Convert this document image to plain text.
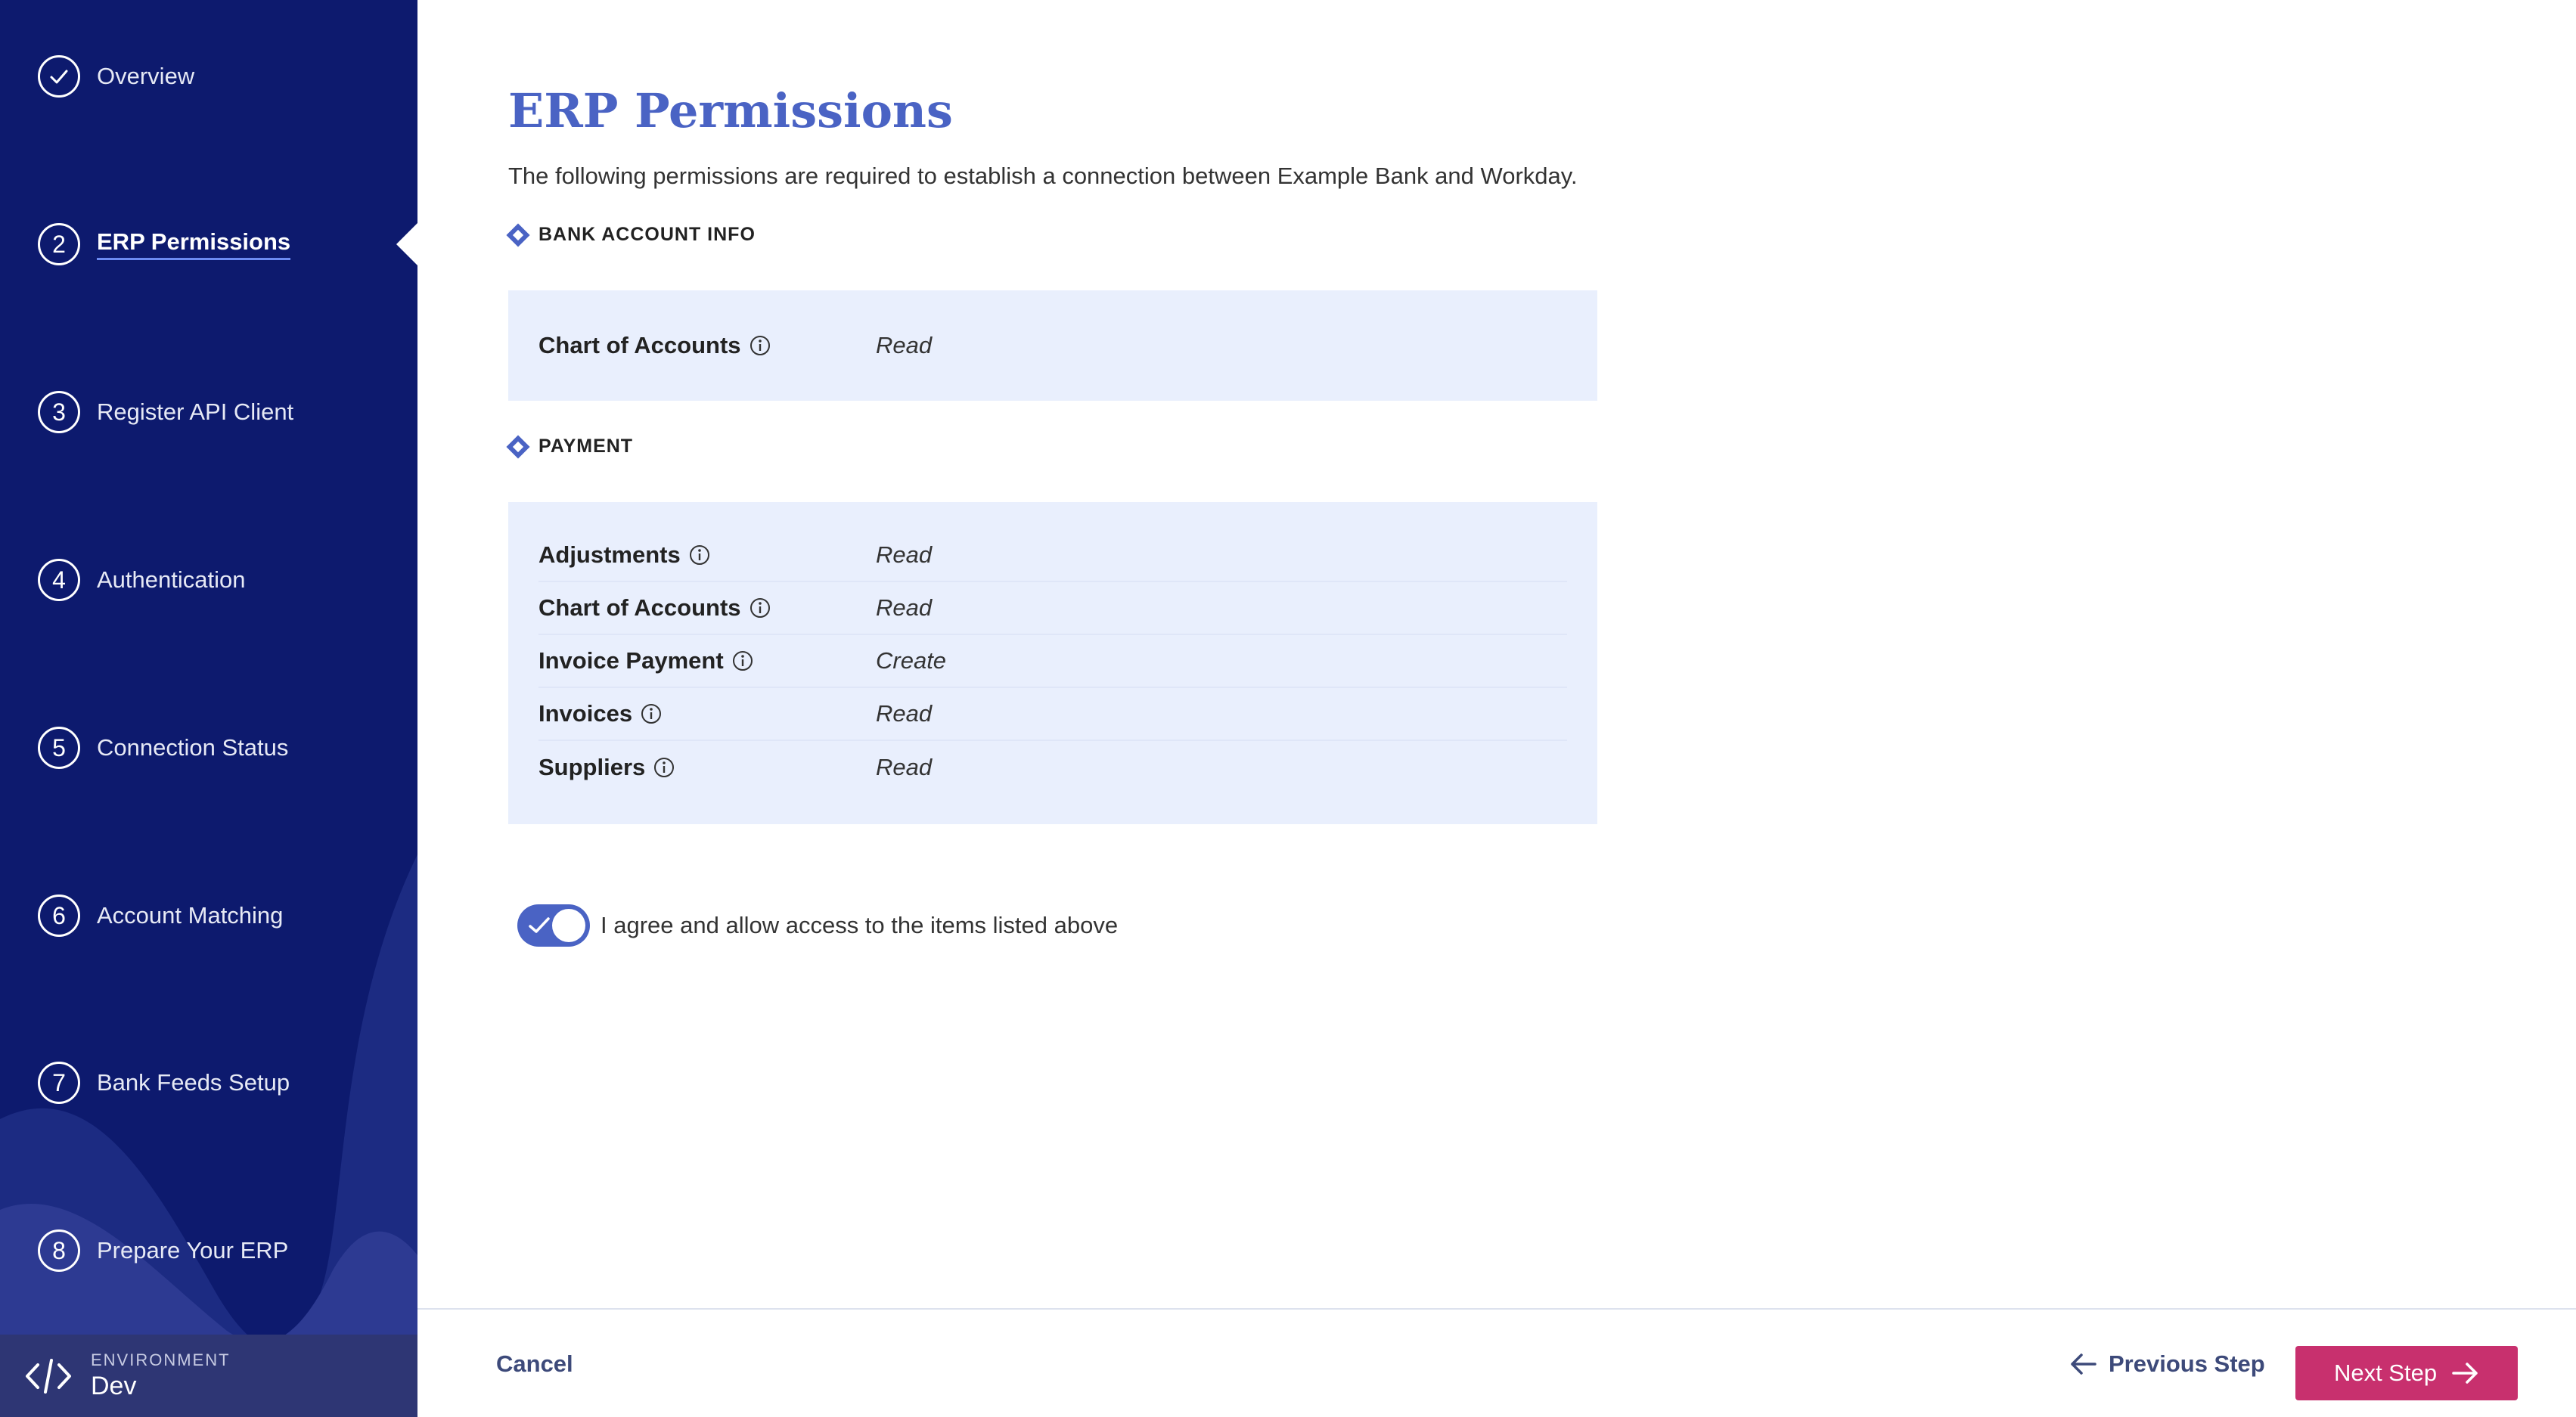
Overview
2	ERP Permissions
3	Register API Client
4	Authentication
5	Connection Status
6	Account Matching
7	Bank Feeds Setup
8	Prepare Your ERP
ENVIRONMENT
Dev
ERP Permissions

The following permissions are required to establish a connection between Example Bank and Workday.

BANK ACCOUNT INFO
Chart of Accounts	Read
PAYMENT
Adjustments	Read
Chart of Accounts	Read
Invoice Payment	Create
Invoices	Read
Suppliers	Read
I agree and allow access to the items listed above
Cancel	Previous Step	Next Step
